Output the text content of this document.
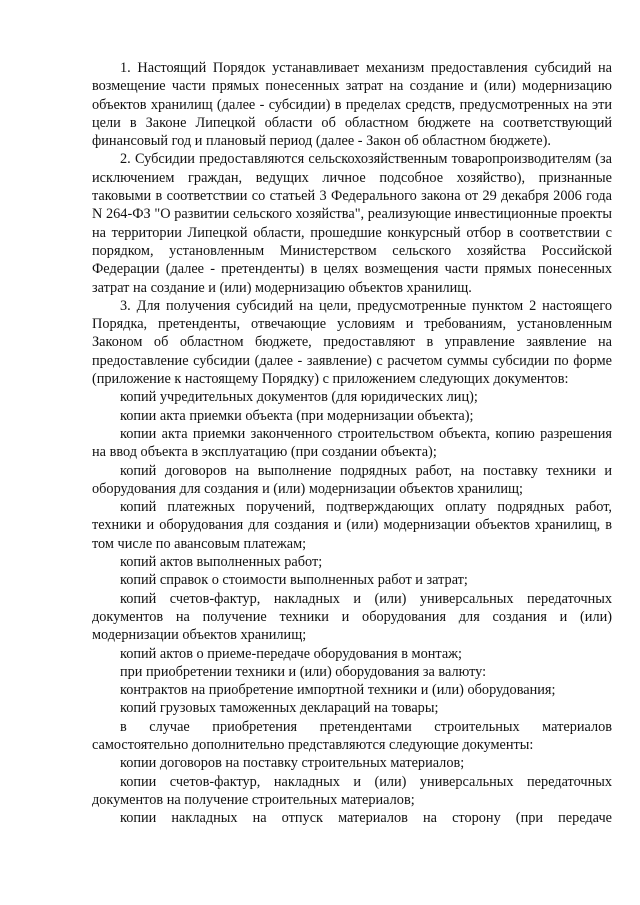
1. Настоящий Порядок устанавливает механизм предоставления субсидий на возмещение части прямых понесенных затрат на создание и (или) модернизацию объектов хранилищ (далее - субсидии) в пределах средств, предусмотренных на эти цели в Законе Липецкой области об областном бюджете на соответствующий финансовый год и плановый период (далее - Закон об областном бюджете).

2. Субсидии предоставляются сельскохозяйственным товаропроизводителям (за исключением граждан, ведущих личное подсобное хозяйство), признанные таковыми в соответствии со статьей 3 Федерального закона от 29 декабря 2006 года N 264-ФЗ "О развитии сельского хозяйства", реализующие инвестиционные проекты на территории Липецкой области, прошедшие конкурсный отбор в соответствии с порядком, установленным Министерством сельского хозяйства Российской Федерации (далее - претенденты) в целях возмещения части прямых понесенных затрат на создание и (или) модернизацию объектов хранилищ.

3. Для получения субсидий на цели, предусмотренные пунктом 2 настоящего Порядка, претенденты, отвечающие условиям и требованиям, установленным Законом об областном бюджете, предоставляют в управление заявление на предоставление субсидии (далее - заявление) с расчетом суммы субсидии по форме (приложение к настоящему Порядку) с приложением следующих документов:

копий учредительных документов (для юридических лиц);

копии акта приемки объекта (при модернизации объекта);

копии акта приемки законченного строительством объекта, копию разрешения на ввод объекта в эксплуатацию (при создании объекта);

копий договоров на выполнение подрядных работ, на поставку техники и оборудования для создания и (или) модернизации объектов хранилищ;

копий платежных поручений, подтверждающих оплату подрядных работ, техники и оборудования для создания и (или) модернизации объектов хранилищ, в том числе по авансовым платежам;

копий актов выполненных работ;

копий справок о стоимости выполненных работ и затрат;

копий счетов-фактур, накладных и (или) универсальных передаточных документов на получение техники и оборудования для создания и (или) модернизации объектов хранилищ;

копий актов о приеме-передаче оборудования в монтаж;

при приобретении техники и (или) оборудования за валюту:

контрактов на приобретение импортной техники и (или) оборудования;

копий грузовых таможенных деклараций на товары;

в случае приобретения претендентами строительных материалов самостоятельно дополнительно представляются следующие документы:

копии договоров на поставку строительных материалов;

копии счетов-фактур, накладных и (или) универсальных передаточных документов на получение строительных материалов;

копии накладных на отпуск материалов на сторону (при передаче
